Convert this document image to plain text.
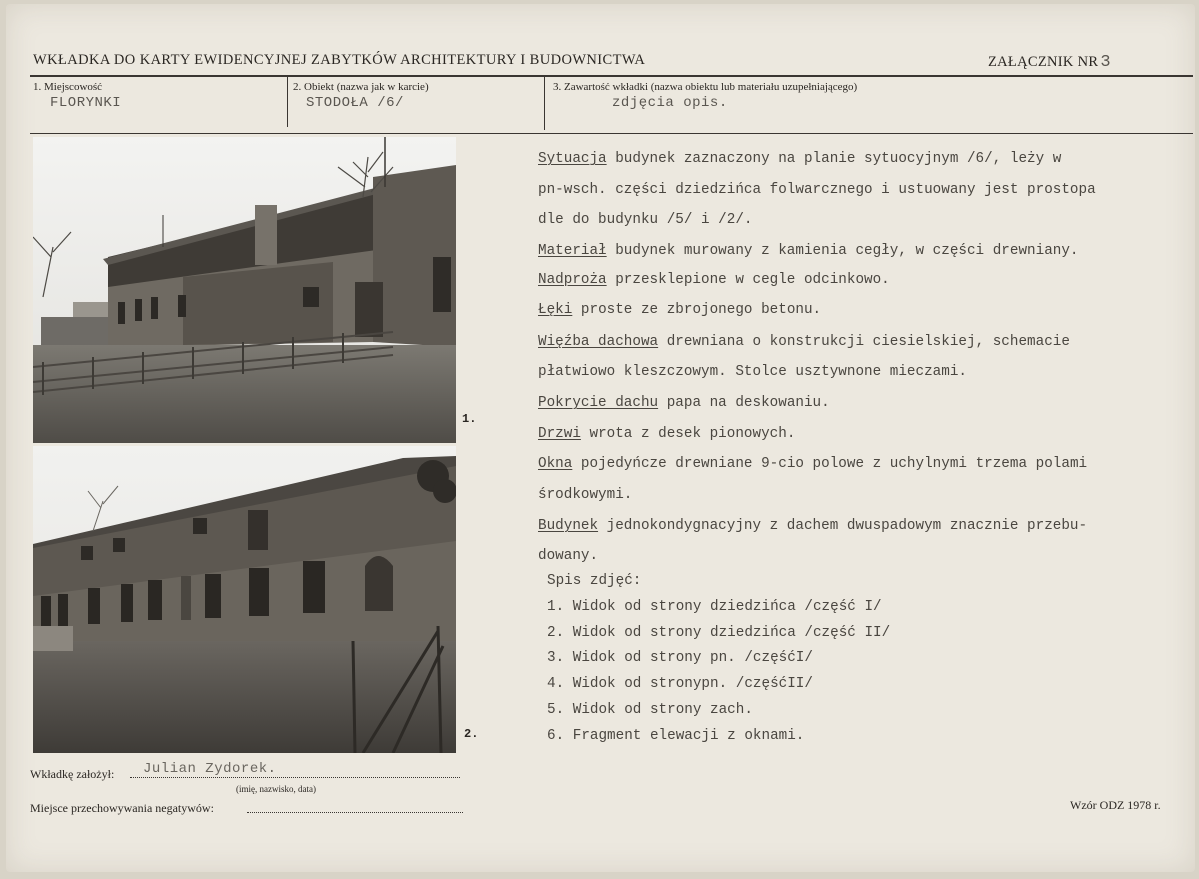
WKŁADKA DO KARTY EWIDENCYJNEJ ZABYTKÓW ARCHITEKTURY I BUDOWNICTWA	ZAŁĄCZNIK NR 3
1. Miejscowość
FLORYNKI
2. Obiekt (nazwa jak w karcie)
STODOŁA /6/
3. Zawartość wkładki (nazwa obiektu lub materiału uzupełniającego)
zdjęcia opis.
1.
2.
Sytuacja budynek zaznaczony na planie sytuocyjnym /6/, leży w
pn-wsch. części dziedzińca folwarcznego i ustuowany jest prostopa
dle do budynku /5/ i /2/.
Materiał budynek murowany z kamienia cegły, w części drewniany.
Nadproża przesklepione w cegle odcinkowo.
Łęki proste ze zbrojonego betonu.
Więźba dachowa drewniana o konstrukcji ciesielskiej, schemacie
płatwiowo kleszczowym. Stolce usztywnone mieczami.
Pokrycie dachu papa na deskowaniu.
Drzwi wrota z desek pionowych.
Okna pojedyńcze drewniane 9-cio polowe z uchylnymi trzema polami
środkowymi.
Budynek jednokondygnacyjny z dachem dwuspadowym znacznie przebu-
dowany.
Spis zdjęć:
1. Widok od strony dziedzińca /część I/
2. Widok od strony dziedzińca /część II/
3. Widok od strony pn. /częśćI/
4. Widok od stronypn. /częśćII/
5. Widok od strony zach.
6. Fragment elewacji z oknami.
Wkładkę założył: Julian Zydorek.
(imię, nazwisko, data)
Miejsce przechowywania negatywów:	Wzór ODZ 1978 r.
